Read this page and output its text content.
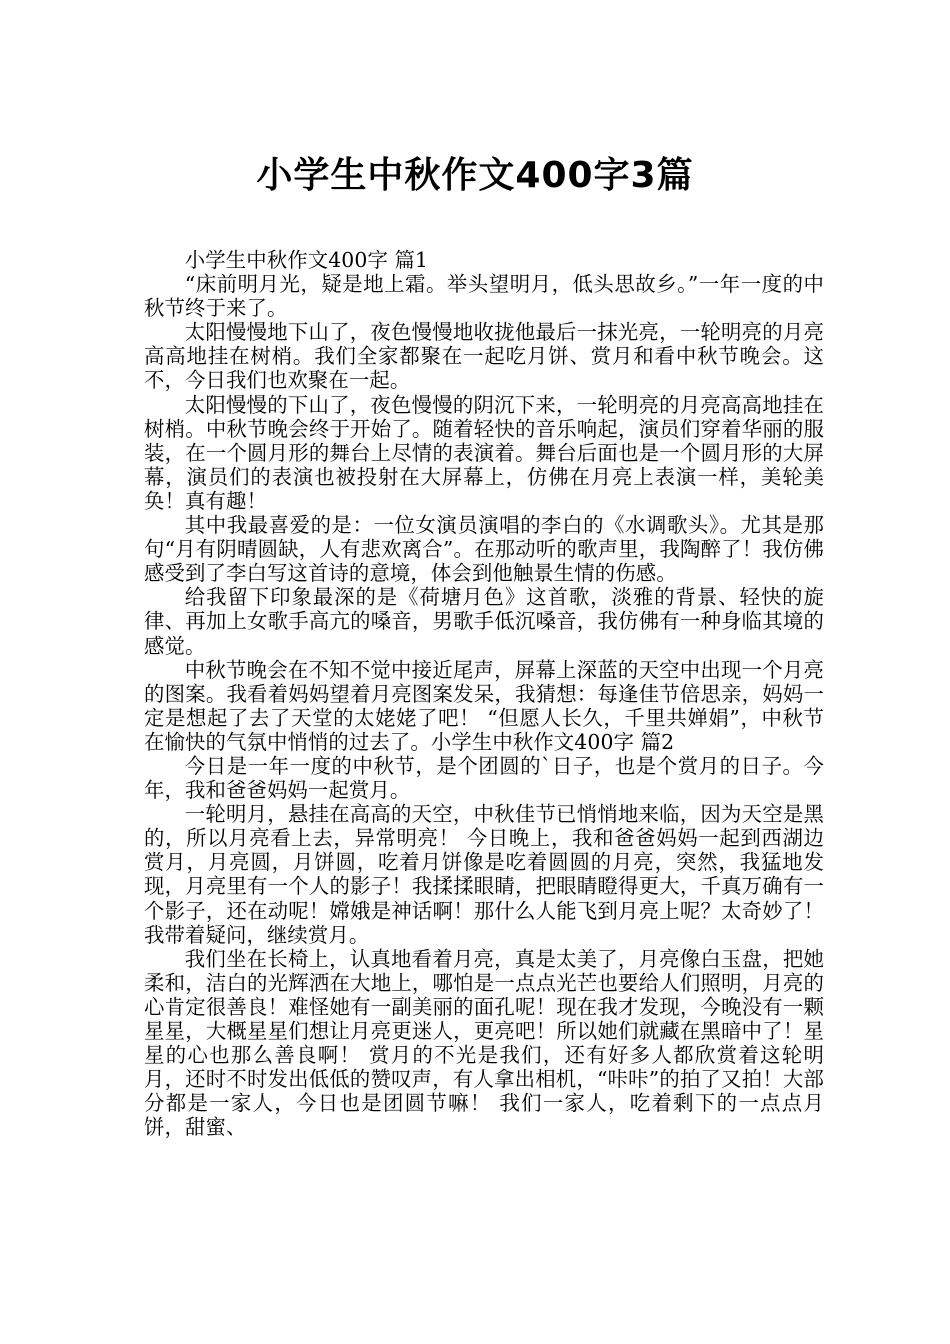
小学生中秋作文400字3篇

小学生中秋作文400字 篇1

“床前明月光，疑是地上霜。举头望明月，低头思故乡。”一年一度的中秋节终于来了。

太阳慢慢地下山了，夜色慢慢地收拢他最后一抹光亮，一轮明亮的月亮高高地挂在树梢。我们全家都聚在一起吃月饼、赏月和看中秋节晚会。这不，今日我们也欢聚在一起。

太阳慢慢的下山了，夜色慢慢的阴沉下来，一轮明亮的月亮高高地挂在树梢。中秋节晚会终于开始了。随着轻快的音乐响起，演员们穿着华丽的服装，在一个圆月形的舞台上尽情的表演着。舞台后面也是一个圆月形的大屏幕，演员们的表演也被投射在大屏幕上，仿佛在月亮上表演一样，美轮美奂！真有趣！

其中我最喜爱的是：一位女演员演唱的李白的《水调歌头》。尤其是那句“月有阴晴圆缺，人有悲欢离合”。在那动听的歌声里，我陶醉了！我仿佛感受到了李白写这首诗的意境，体会到他触景生情的伤感。

给我留下印象最深的是《荷塘月色》这首歌，淡雅的背景、轻快的旋律、再加上女歌手高亢的嗓音，男歌手低沉嗓音，我仿佛有一种身临其境的感觉。

中秋节晚会在不知不觉中接近尾声，屏幕上深蓝的天空中出现一个月亮的图案。我看着妈妈望着月亮图案发呆，我猜想：每逢佳节倍思亲，妈妈一定是想起了去了天堂的太姥姥了吧！ “但愿人长久，千里共婵娟”，中秋节在愉快的气氛中悄悄的过去了。小学生中秋作文400字 篇2

今日是一年一度的中秋节，是个团圆的`日子，也是个赏月的日子。今年，我和爸爸妈妈一起赏月。

一轮明月，悬挂在高高的天空，中秋佳节已悄悄地来临，因为天空是黑的，所以月亮看上去，异常明亮！ 今日晚上，我和爸爸妈妈一起到西湖边赏月，月亮圆，月饼圆，吃着月饼像是吃着圆圆的月亮，突然，我猛地发现，月亮里有一个人的影子！我揉揉眼睛，把眼睛瞪得更大，千真万确有一个影子，还在动呢！嫦娥是神话啊！那什么人能飞到月亮上呢？太奇妙了！我带着疑问，继续赏月。

我们坐在长椅上，认真地看着月亮，真是太美了，月亮像白玉盘，把她柔和，洁白的光辉洒在大地上，哪怕是一点点光芒也要给人们照明，月亮的心肯定很善良！难怪她有一副美丽的面孔呢！现在我才发现，今晚没有一颗星星，大概星星们想让月亮更迷人，更亮吧！所以她们就藏在黑暗中了！星星的心也那么善良啊！ 赏月的不光是我们，还有好多人都欣赏着这轮明月，还时不时发出低低的赞叹声，有人拿出相机，“咔咔”的拍了又拍！大部分都是一家人，今日也是团圆节嘛！ 我们一家人，吃着剩下的一点点月饼，甜蜜、
